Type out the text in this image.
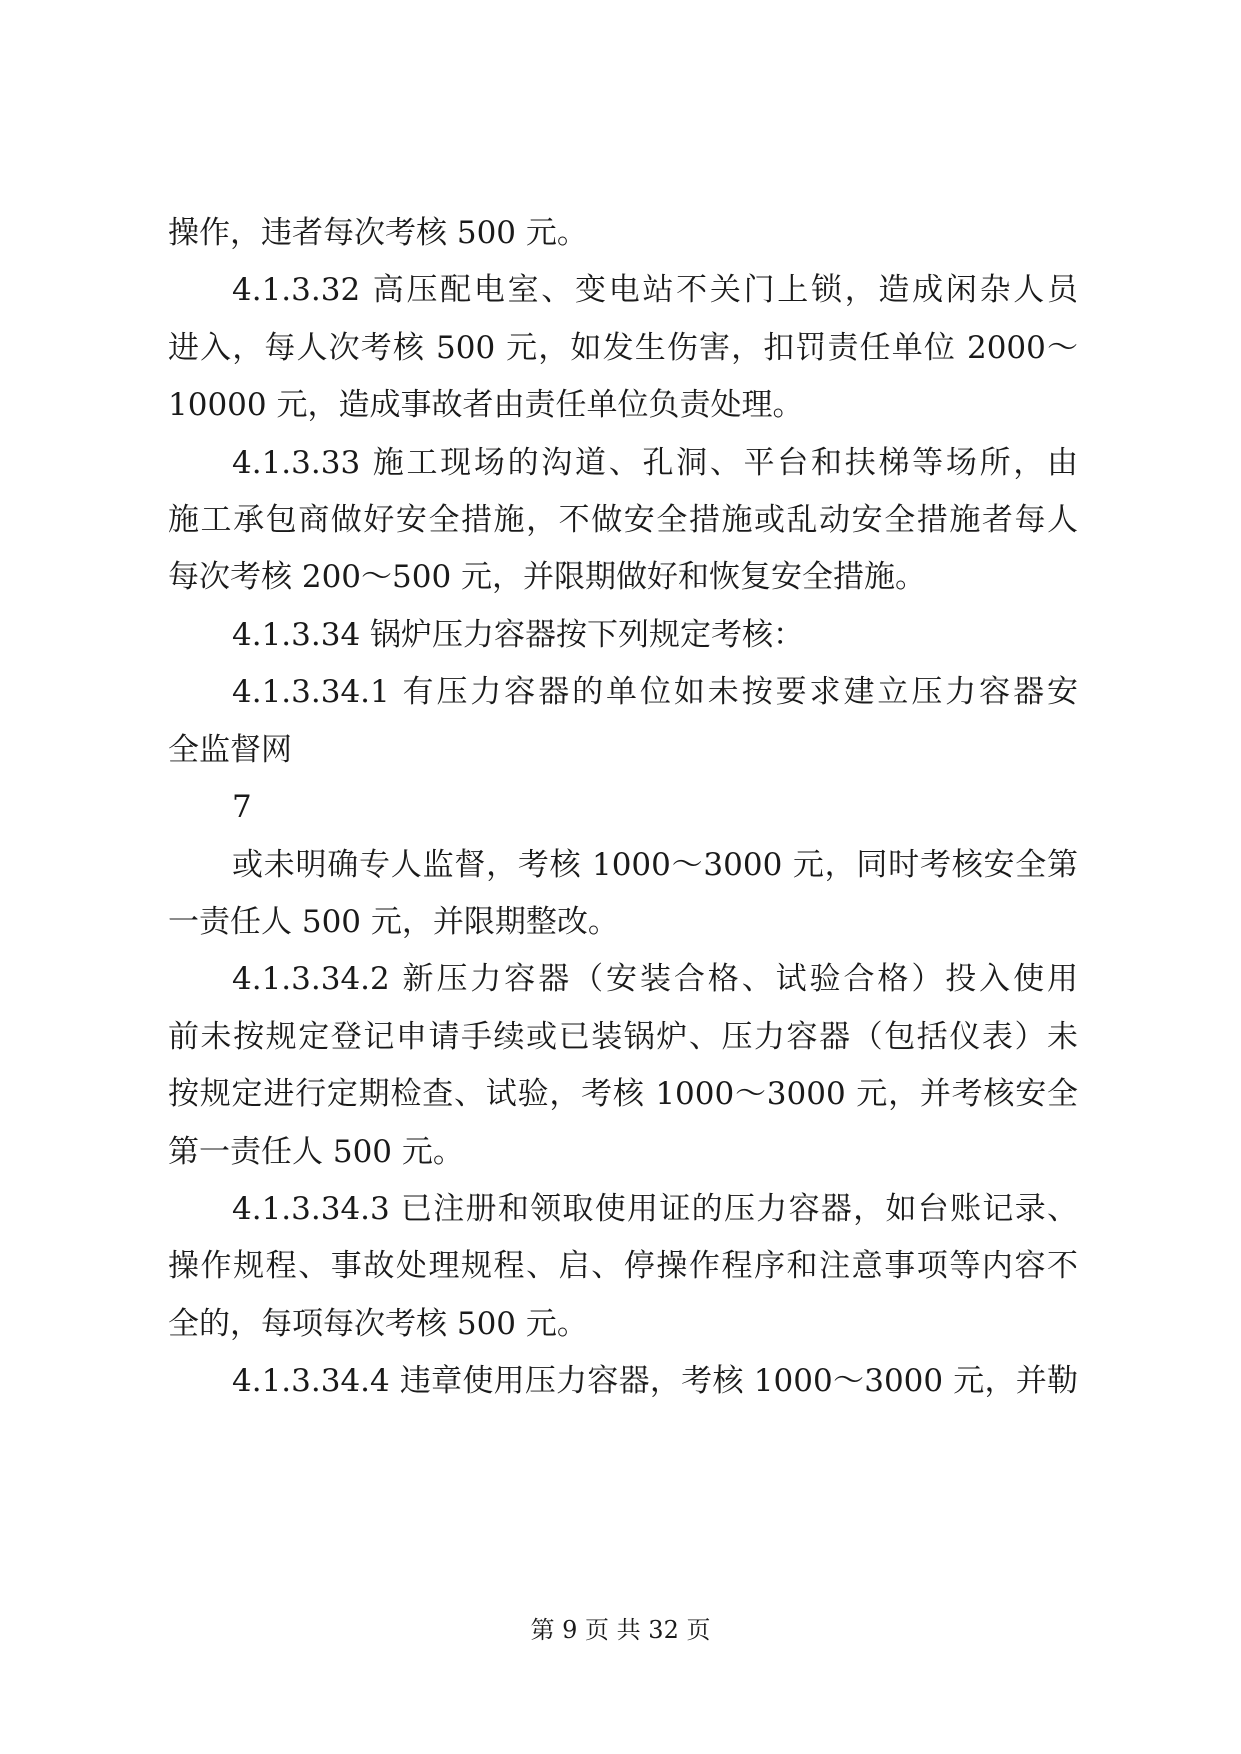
操作，违者每次考核 500 元。
4.1.3.32 高压配电室、变电站不关门上锁，造成闲杂人员
进入，每人次考核 500 元，如发生伤害，扣罚责任单位 2000～
10000 元，造成事故者由责任单位负责处理。
4.1.3.33 施工现场的沟道、孔洞、平台和扶梯等场所，由
施工承包商做好安全措施，不做安全措施或乱动安全措施者每人
每次考核 200～500 元，并限期做好和恢复安全措施。
4.1.3.34 锅炉压力容器按下列规定考核：
4.1.3.34.1 有压力容器的单位如未按要求建立压力容器安
全监督网
7
或未明确专人监督，考核 1000～3000 元，同时考核安全第
一责任人 500 元，并限期整改。
4.1.3.34.2 新压力容器（安装合格、试验合格）投入使用
前未按规定登记申请手续或已装锅炉、压力容器（包括仪表）未
按规定进行定期检查、试验，考核 1000～3000 元，并考核安全
第一责任人 500 元。
4.1.3.34.3 已注册和领取使用证的压力容器，如台账记录、
操作规程、事故处理规程、启、停操作程序和注意事项等内容不
全的，每项每次考核 500 元。
4.1.3.34.4 违章使用压力容器，考核 1000～3000 元，并勒
第 9 页 共 32 页
